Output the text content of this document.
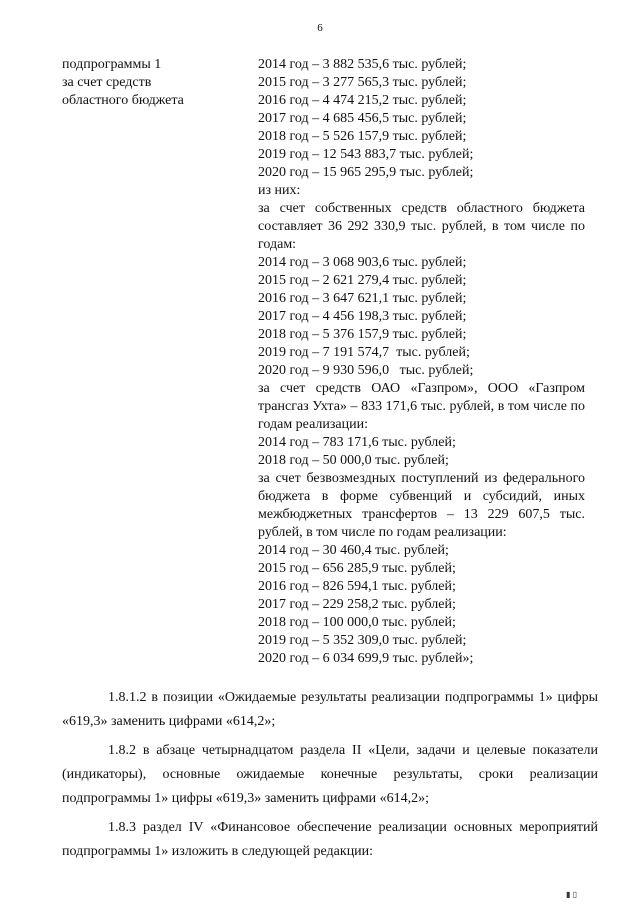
6
подпрограммы 1
за счет средств
областного бюджета
2014 год – 3 882 535,6 тыс. рублей;
2015 год – 3 277 565,3 тыс. рублей;
2016 год – 4 474 215,2 тыс. рублей;
2017 год – 4 685 456,5 тыс. рублей;
2018 год – 5 526 157,9 тыс. рублей;
2019 год – 12 543 883,7 тыс. рублей;
2020 год – 15 965 295,9 тыс. рублей;
из них:
за счет собственных средств областного бюджета составляет 36 292 330,9 тыс. рублей, в том числе по годам:
2014 год – 3 068 903,6 тыс. рублей;
2015 год – 2 621 279,4 тыс. рублей;
2016 год – 3 647 621,1 тыс. рублей;
2017 год – 4 456 198,3 тыс. рублей;
2018 год – 5 376 157,9 тыс. рублей;
2019 год – 7 191 574,7  тыс. рублей;
2020 год – 9 930 596,0   тыс. рублей;
за счет средств ОАО «Газпром», ООО «Газпром трансгаз Ухта» – 833 171,6 тыс. рублей, в том числе по годам реализации:
2014 год – 783 171,6 тыс. рублей;
2018 год – 50 000,0 тыс. рублей;
за счет безвозмездных поступлений из федерального бюджета в форме субвенций и субсидий, иных межбюджетных трансфертов – 13 229 607,5 тыс. рублей, в том числе по годам реализации:
2014 год – 30 460,4 тыс. рублей;
2015 год – 656 285,9 тыс. рублей;
2016 год – 826 594,1 тыс. рублей;
2017 год – 229 258,2 тыс. рублей;
2018 год – 100 000,0 тыс. рублей;
2019 год – 5 352 309,0 тыс. рублей;
2020 год – 6 034 699,9 тыс. рублей»;
1.8.1.2 в позиции «Ожидаемые результаты реализации подпрограммы 1» цифры «619,3» заменить цифрами «614,2»;
1.8.2 в абзаце четырнадцатом раздела II «Цели, задачи и целевые показатели (индикаторы), основные ожидаемые конечные результаты, сроки реализации подпрограммы 1» цифры «619,3» заменить цифрами «614,2»;
1.8.3 раздел IV «Финансовое обеспечение реализации основных мероприятий подпрограммы 1» изложить в следующей редакции:
▮ ▯
